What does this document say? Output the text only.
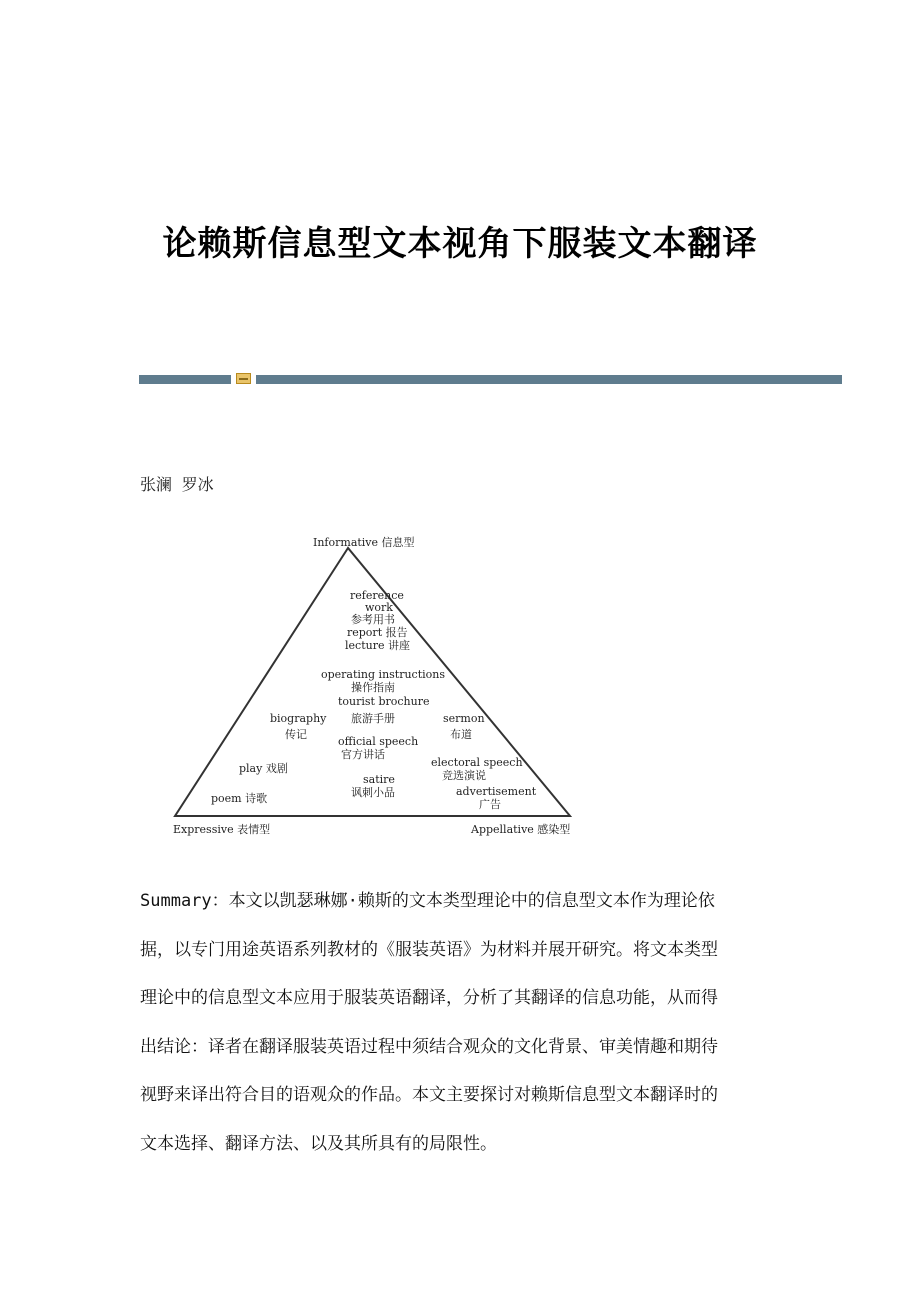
论赖斯信息型文本视角下服装文本翻译
张澜 罗冰
Informative 信息型
Expressive 表情型	Appellative 感染型
reference
work
参考用书
report 报告
lecture 讲座
operating instructions
操作指南
tourist brochure
biography 旅游手册	sermon
传记
official speech
布道
官方讲话
play 戏剧	electoral speech
竞选演说
satire
advertisement
讽刺小品
poem 诗歌	广告
Summary：本文以凯瑟琳娜·赖斯的文本类型理论中的信息型文本作为理论依
据，以专门用途英语系列教材的《服装英语》为材料并展开研究。将文本类型
理论中的信息型文本应用于服装英语翻译，分析了其翻译的信息功能，从而得
出结论：译者在翻译服装英语过程中须结合观众的文化背景、审美情趣和期待
视野来译出符合目的语观众的作品。本文主要探讨对赖斯信息型文本翻译时的
文本选择、翻译方法、以及其所具有的局限性。
